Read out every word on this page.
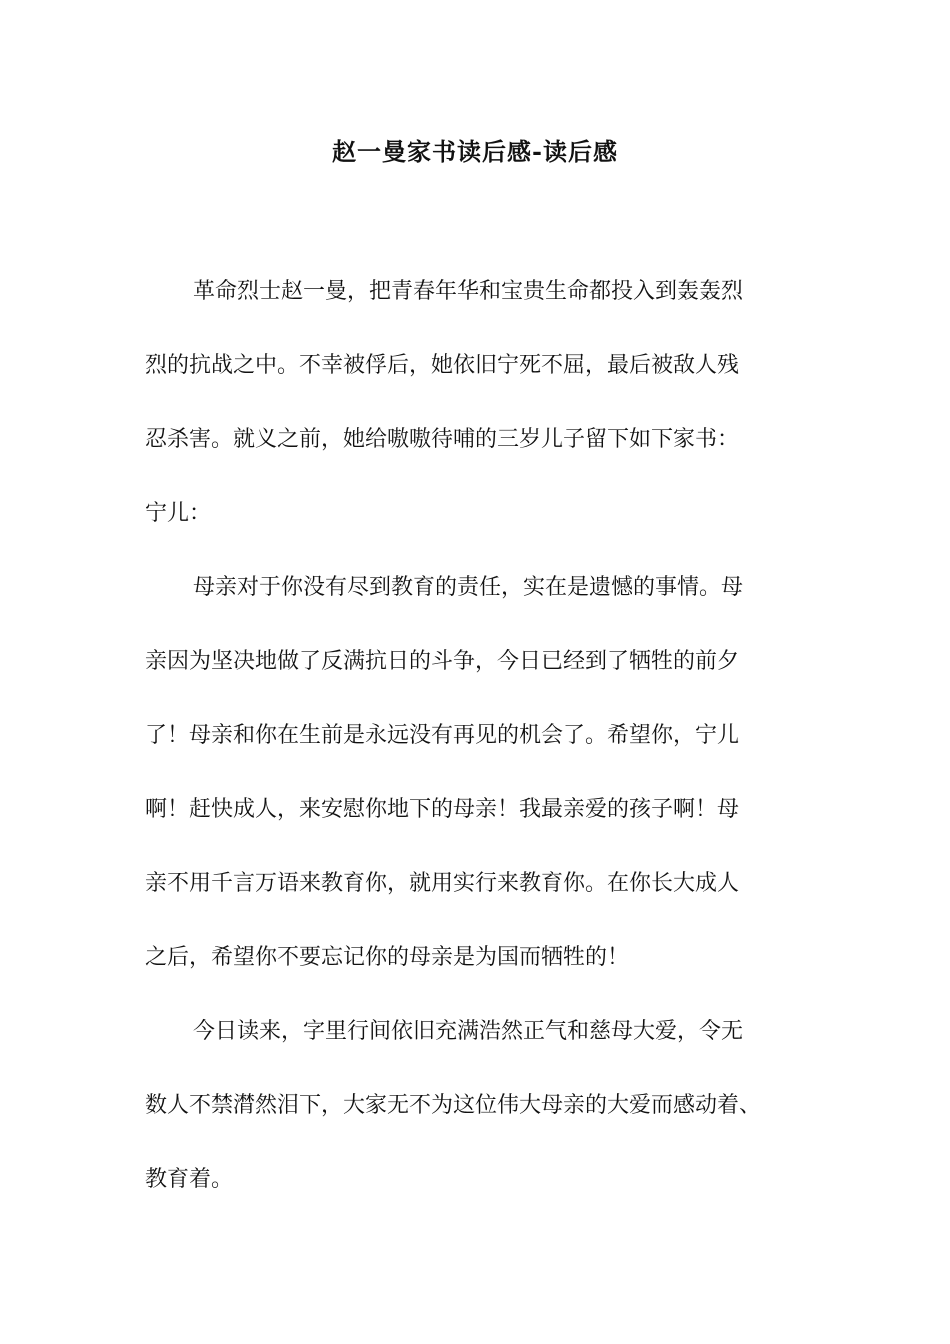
赵一曼家书读后感-读后感
革命烈士赵一曼，把青春年华和宝贵生命都投入到轰轰烈
烈的抗战之中。不幸被俘后，她依旧宁死不屈，最后被敌人残
忍杀害。就义之前，她给嗷嗷待哺的三岁儿子留下如下家书：
宁儿：
母亲对于你没有尽到教育的责任，实在是遗憾的事情。母
亲因为坚决地做了反满抗日的斗争，今日已经到了牺牲的前夕
了！母亲和你在生前是永远没有再见的机会了。希望你，宁儿
啊！赶快成人，来安慰你地下的母亲！我最亲爱的孩子啊！母
亲不用千言万语来教育你，就用实行来教育你。在你长大成人
之后，希望你不要忘记你的母亲是为国而牺牲的！
今日读来，字里行间依旧充满浩然正气和慈母大爱，令无
数人不禁潸然泪下，大家无不为这位伟大母亲的大爱而感动着、
教育着。
